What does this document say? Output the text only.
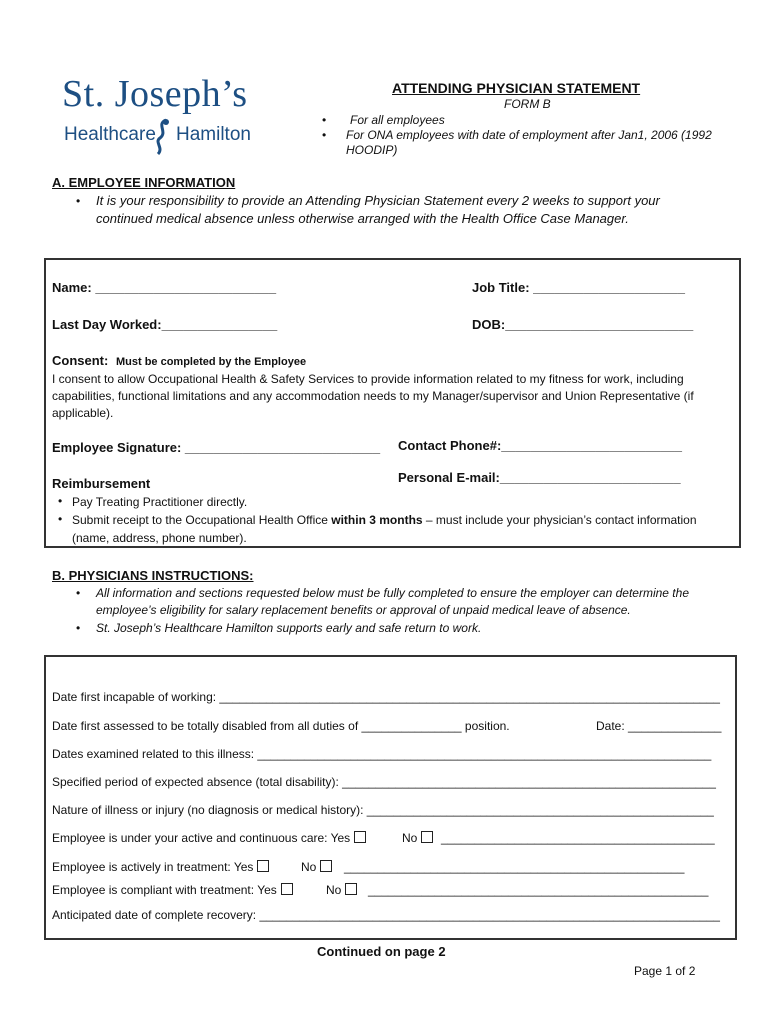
St. Joseph’s
Healthcare Hamilton
ATTENDING PHYSICIAN STATEMENT
FORM B
• For all employees
• For ONA employees with date of employment after Jan1, 2006 (1992
HOODIP)
A. EMPLOYEE INFORMATION
• It is your responsibility to provide an Attending Physician Statement every 2 weeks to support your continued medical absence unless otherwise arranged with the Health Office Case Manager.
Name: _________________________	Job Title: _____________________
Last Day Worked:________________	DOB:__________________________
Consent: Must be completed by the Employee
I consent to allow Occupational Health & Safety Services to provide information related to my fitness for work, including
capabilities, functional limitations and any accommodation needs to my Manager/supervisor and Union Representative (if
applicable).
Employee Signature: ___________________________ Contact Phone#:_________________________
Personal E-mail:_________________________
Reimbursement
• Pay Treating Practitioner directly.
• Submit receipt to the Occupational Health Office within 3 months – must include your physician’s contact information
(name, address, phone number).
B. PHYSICIANS INSTRUCTIONS:
• All information and sections requested below must be fully completed to ensure the employer can determine the
employee’s eligibility for salary replacement benefits or approval of unpaid medical leave of absence.
• St. Joseph’s Healthcare Hamilton supports early and safe return to work.
Date first incapable of working: ___________________________________________________________________________
Date first assessed to be totally disabled from all duties of _______________ position.	Date: ______________
Dates examined related to this illness: ____________________________________________________________________
Specified period of expected absence (total disability): ________________________________________________________
Nature of illness or injury (no diagnosis or medical history): ____________________________________________________
Employee is under your active and continuous care: Yes	No	_________________________________________
Employee is actively in treatment: Yes	No	___________________________________________________
Employee is compliant with treatment: Yes	No	___________________________________________________
Anticipated date of complete recovery: _____________________________________________________________________
Continued on page 2
Page 1 of 2
